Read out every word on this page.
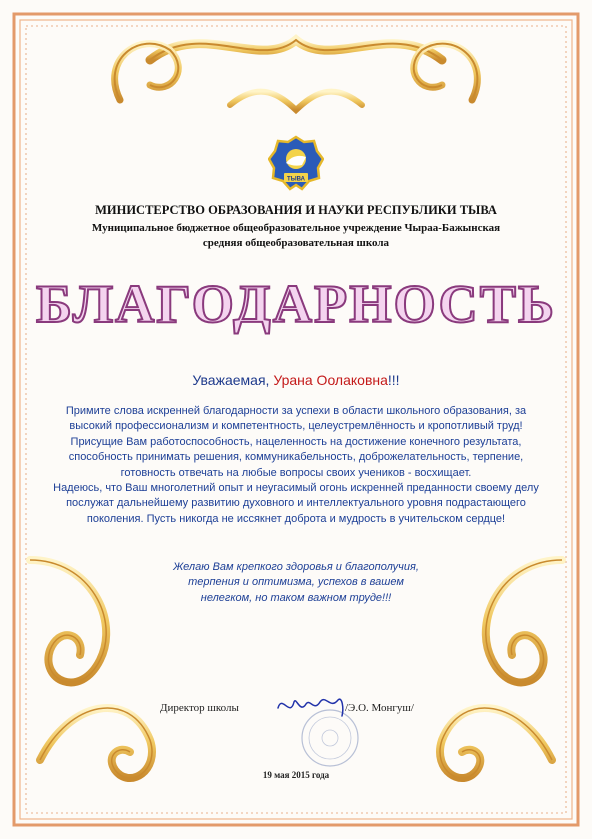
ТЫВА
МИНИСТЕРСТВО ОБРАЗОВАНИЯ И НАУКИ РЕСПУБЛИКИ ТЫВА
Муниципальное бюджетное общеобразовательное учреждение Чыраа-Бажынская
средняя общеобразовательная школа
БЛАГОДАРНОСТЬ
Уважаемая, Урана Оолаковна!!!

Примите слова искренней благодарности за успехи в области школьного образования, за высокий профессионализм и компетентность, целеустремлённость и кропотливый труд!

Присущие Вам работоспособность, нацеленность на достижение конечного результата, способность принимать решения, коммуникабельность, доброжелательность, терпение, готовность отвечать на любые вопросы своих учеников - восхищает.

Надеюсь, что Ваш многолетний опыт и неугасимый огонь искренней преданности своему делу послужат дальнейшему развитию духовного и интеллектуального уровня подрастающего поколения. Пусть никогда не иссякнет доброта и мудрость в учительском сердце!

Желаю Вам крепкого здоровья и благополучия,

терпения и оптимизма, успехов в вашем

нелегком, но таком важном труде!!!

Директор школы	/Э.О. Монгуш/
19 мая 2015 года
